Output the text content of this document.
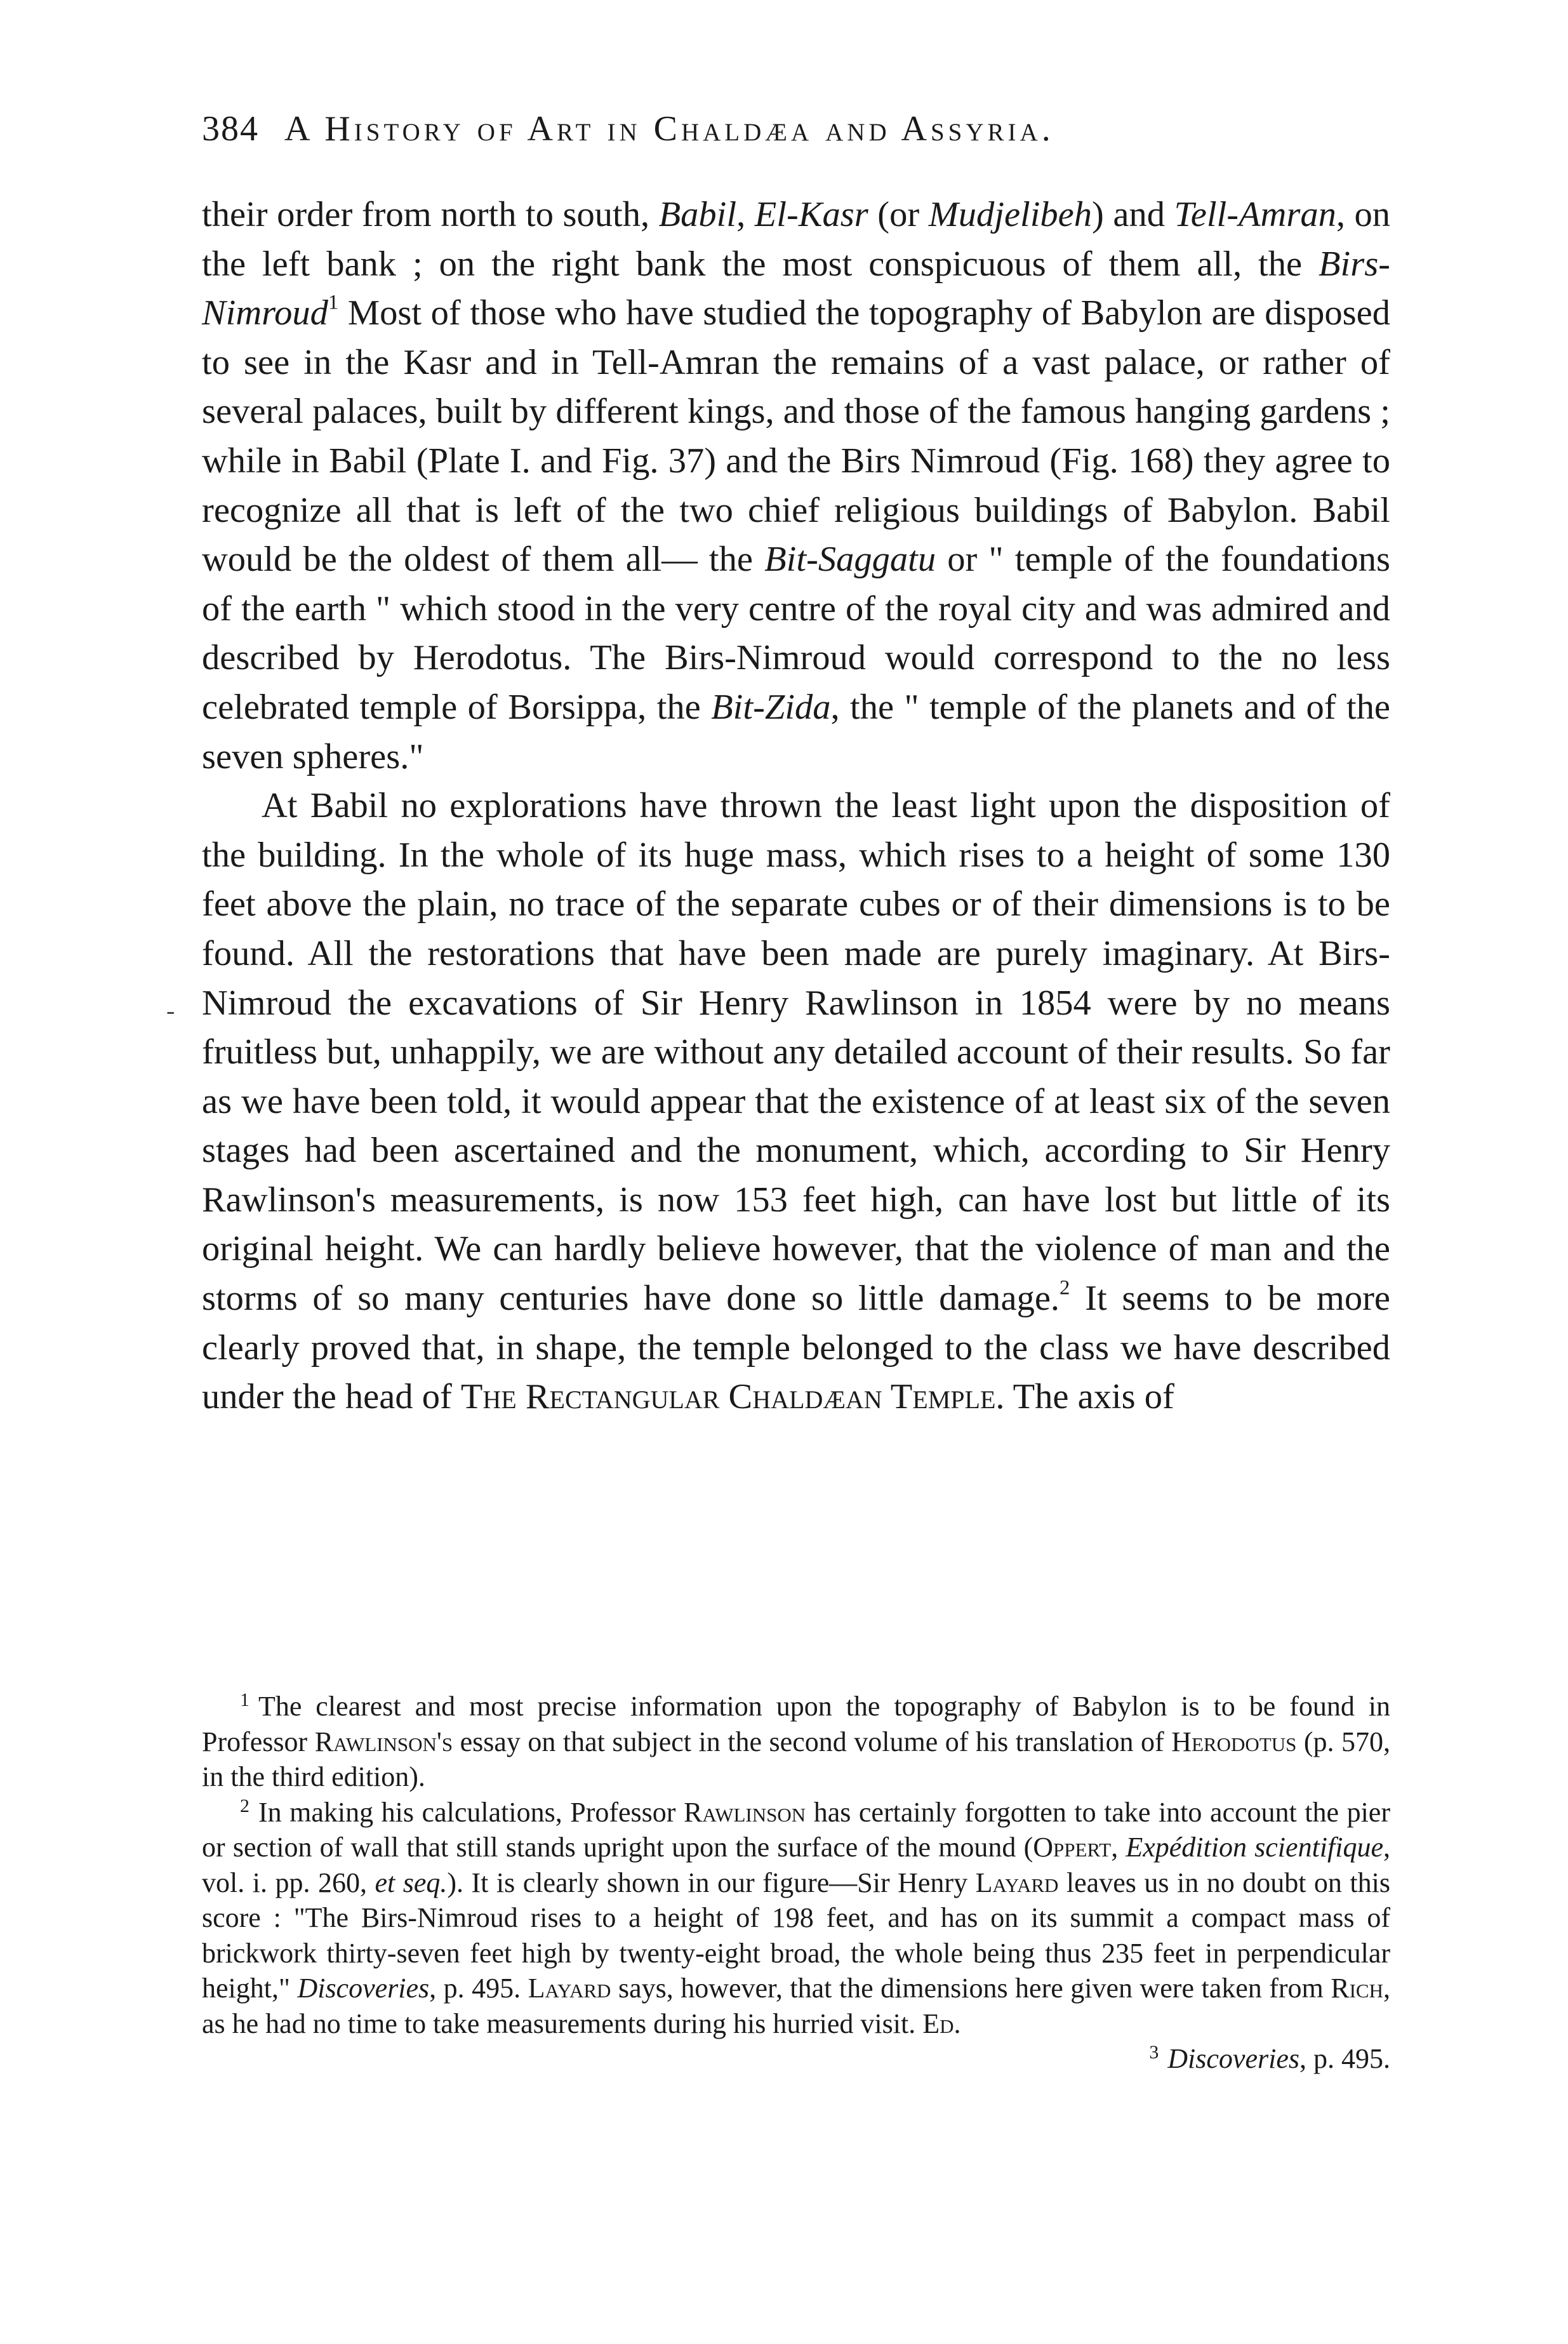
384 A History of Art in Chaldæa and Assyria.

their order from north to south, Babil, El-Kasr (or Mudjelibeh) and Tell-Amran, on the left bank ; on the right bank the most conspicuous of them all, the Birs-Nimroud$^1$ Most of those who have studied the topography of Babylon are disposed to see in the Kasr and in Tell-Amran the remains of a vast palace, or rather of several palaces, built by different kings, and those of the famous hanging gardens ; while in Babil (Plate I. and Fig. 37) and the Birs Nimroud (Fig. 168) they agree to recognize all that is left of the two chief religious buildings of Babylon. Babil would be the oldest of them all— the Bit-Saggatu or " temple of the foundations of the earth " which stood in the very centre of the royal city and was admired and described by Herodotus. The Birs-Nimroud would correspond to the no less celebrated temple of Borsippa, the Bit-Zida, the " temple of the planets and of the seven spheres."

At Babil no explorations have thrown the least light upon the disposition of the building. In the whole of its huge mass, which rises to a height of some 130 feet above the plain, no trace of the separate cubes or of their dimensions is to be found. All the restorations that have been made are purely imaginary. At Birs-Nimroud the excavations of Sir Henry Rawlinson in 1854 were by no means fruitless but, unhappily, we are without any detailed account of their results. So far as we have been told, it would appear that the existence of at least six of the seven stages had been ascertained and the monument, which, according to Sir Henry Rawlinson's measurements, is now 153 feet high, can have lost but little of its original height. We can hardly believe however, that the violence of man and the storms of so many centuries have done so little damage.$^2$ It seems to be more clearly proved that, in shape, the temple belonged to the class we have described under the head of The Rectangular Chaldæan Temple. The axis of

-

$^1$ The clearest and most precise information upon the topography of Babylon is to be found in Professor Rawlinson's essay on that subject in the second volume of his translation of Herodotus (p. 570, in the third edition).

$^2$ In making his calculations, Professor Rawlinson has certainly forgotten to take into account the pier or section of wall that still stands upright upon the surface of the mound (Oppert, Expédition scientifique, vol. i. pp. 260, et seq.). It is clearly shown in our figure—Sir Henry Layard leaves us in no doubt on this score : "The Birs-Nimroud rises to a height of 198 feet, and has on its summit a compact mass of brickwork thirty-seven feet high by twenty-eight broad, the whole being thus 235 feet in perpendicular height," Discoveries, p. 495. Layard says, however, that the dimensions here given were taken from Rich, as he had no time to take measurements during his hurried visit. Ed.

$^3$ Discoveries, p. 495.
